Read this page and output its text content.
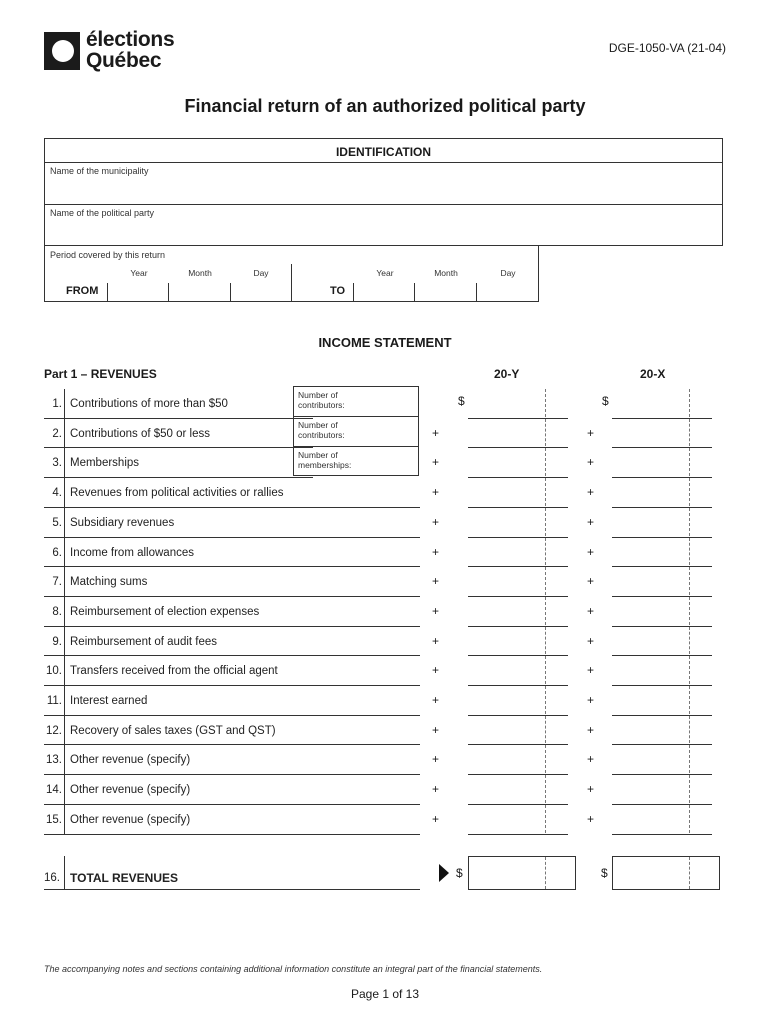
élections
Québec
DGE-1050-VA (21-04)
Financial return of an authorized political party
IDENTIFICATION
Name of the municipality
Name of the political party
Period covered by this return
Year	Month	Day
FROM
Year	Month	Day
TO
INCOME STATEMENT
Part 1 – REVENUES	20-Y	20-X
1. Contributions of more than $50	$	$
2. Contributions of $50 or less	+	+
3. Memberships	+	+
4. Revenues from political activities or rallies	+	+
5. Subsidiary revenues	+	+
6. Income from allowances	+	+
7. Matching sums	+	+
8. Reimbursement of election expenses	+	+
9. Reimbursement of audit fees	+	+
10. Transfers received from the official agent	+	+
11. Interest earned	+	+
12. Recovery of sales taxes (GST and QST)	+	+
13. Other revenue (specify)	+	+
14. Other revenue (specify)	+	+
15. Other revenue (specify)	+	+
Number of
contributors:
Number of
contributors:
Number of
memberships:
16. TOTAL REVENUES	$	$
The accompanying notes and sections containing additional information constitute an integral part of the financial statements.
Page 1 of 13
